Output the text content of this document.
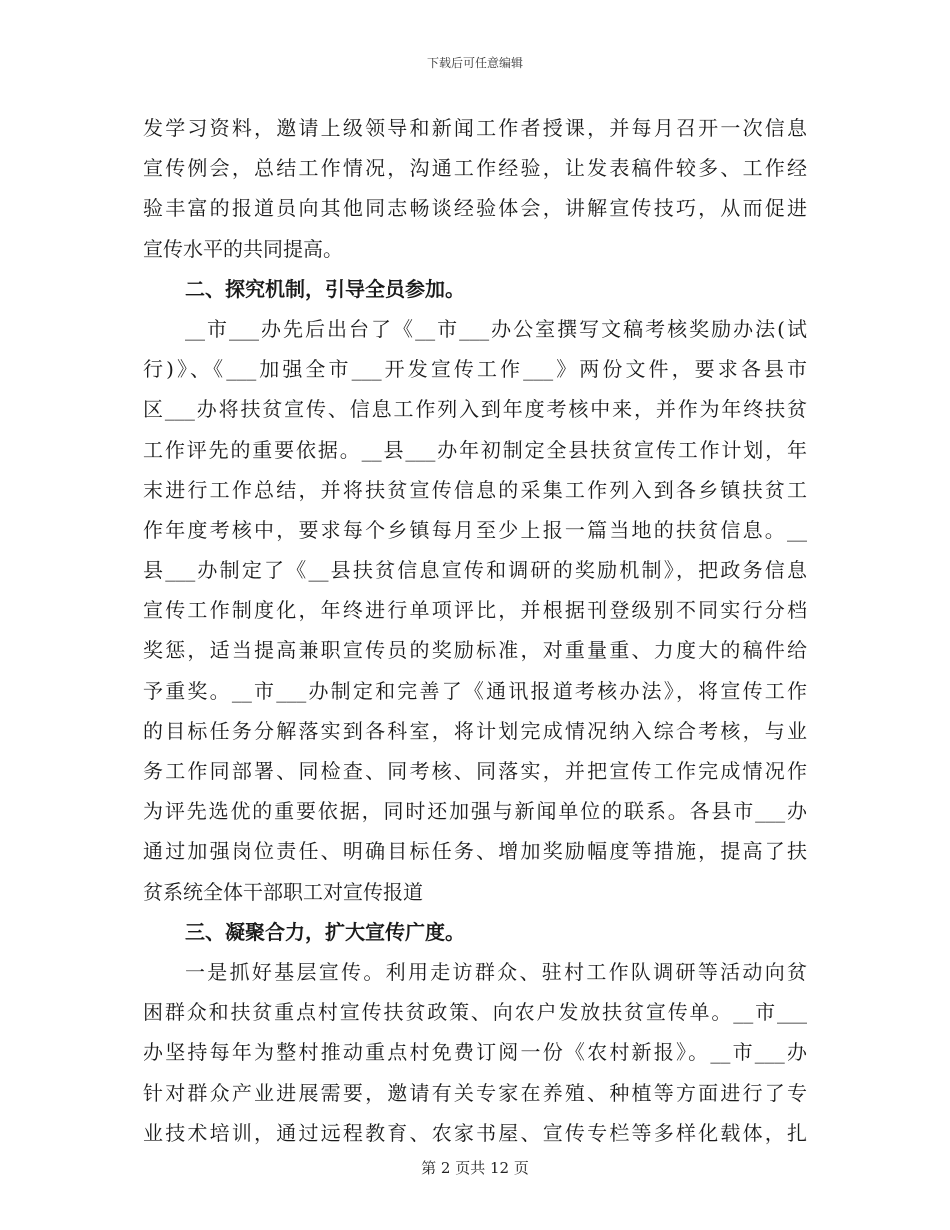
下载后可任意编辑
发学习资料，邀请上级领导和新闻工作者授课，并每月召开一次信息
宣传例会，总结工作情况，沟通工作经验，让发表稿件较多、工作经
验丰富的报道员向其他同志畅谈经验体会，讲解宣传技巧，从而促进
宣传水平的共同提高。
二、探究机制，引导全员参加。
__市___办先后出台了《__市___办公室撰写文稿考核奖励办法(试
行)》、《___加强全市___开发宣传工作___》两份文件，要求各县市
区___办将扶贫宣传、信息工作列入到年度考核中来，并作为年终扶贫
工作评先的重要依据。__县___办年初制定全县扶贫宣传工作计划，年
末进行工作总结，并将扶贫宣传信息的采集工作列入到各乡镇扶贫工
作年度考核中，要求每个乡镇每月至少上报一篇当地的扶贫信息。__
县___办制定了《__县扶贫信息宣传和调研的奖励机制》，把政务信息
宣传工作制度化，年终进行单项评比，并根据刊登级别不同实行分档
奖惩，适当提高兼职宣传员的奖励标准，对重量重、力度大的稿件给
予重奖。__市___办制定和完善了《通讯报道考核办法》，将宣传工作
的目标任务分解落实到各科室，将计划完成情况纳入综合考核，与业
务工作同部署、同检查、同考核、同落实，并把宣传工作完成情况作
为评先选优的重要依据，同时还加强与新闻单位的联系。各县市___办
通过加强岗位责任、明确目标任务、增加奖励幅度等措施，提高了扶
贫系统全体干部职工对宣传报道
三、凝聚合力，扩大宣传广度。
一是抓好基层宣传。利用走访群众、驻村工作队调研等活动向贫
困群众和扶贫重点村宣传扶贫政策、向农户发放扶贫宣传单。__市___
办坚持每年为整村推动重点村免费订阅一份《农村新报》。__市___办
针对群众产业进展需要，邀请有关专家在养殖、种植等方面进行了专
业技术培训，通过远程教育、农家书屋、宣传专栏等多样化载体，扎
第 2 页共 12 页
